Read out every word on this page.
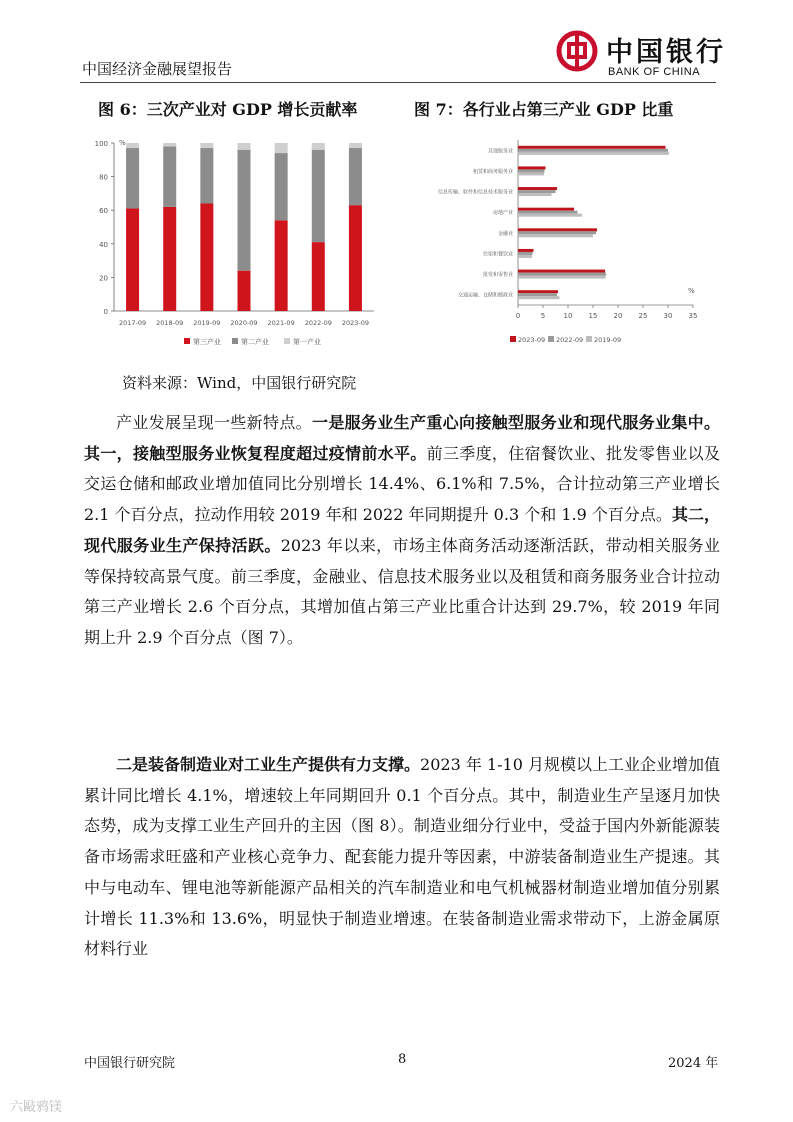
中国经济金融展望报告
中国银行
BANK OF CHINA
图 6：三次产业对 GDP 增长贡献率	图 7：各行业占第三产业 GDP 比重
0
20
40
60
80
100 %
2017-09 2018-09 2019-09 2020-09 2021-09 2022-09 2023-09
第三产业	第二产业	第一产业
其他服务业
租赁和商务服务业
信息传输、软件和信息技术服务业
房地产业
金融业
住宿和餐饮业
批发和零售业
交通运输、仓储和邮政业
0	5	10 15 20 25 30 35
%
2023-09 2022-09 2019-09
资料来源：Wind，中国银行研究院
产业发展呈现一些新特点。一是服务业生产重心向接触型服务业和现代服务业集中。其一，接触型服务业恢复程度超过疫情前水平。前三季度，住宿餐饮业、批发零售业以及交运仓储和邮政业增加值同比分别增长 14.4%、6.1%和 7.5%，合计拉动第三产业增长 2.1 个百分点，拉动作用较 2019 年和 2022 年同期提升 0.3 个和 1.9 个百分点。其二，现代服务业生产保持活跃。2023 年以来，市场主体商务活动逐渐活跃，带动相关服务业等保持较高景气度。前三季度，金融业、信息技术服务业以及租赁和商务服务业合计拉动第三产业增长 2.6 个百分点，其增加值占第三产业比重合计达到 29.7%，较 2019 年同期上升 2.9 个百分点（图 7）。
二是装备制造业对工业生产提供有力支撑。2023 年 1-10 月规模以上工业企业增加值累计同比增长 4.1%，增速较上年同期回升 0.1 个百分点。其中，制造业生产呈逐月加快态势，成为支撑工业生产回升的主因（图 8）。制造业细分行业中，受益于国内外新能源装备市场需求旺盛和产业核心竞争力、配套能力提升等因素，中游装备制造业生产提速。其中与电动车、锂电池等新能源产品相关的汽车制造业和电气机械器材制造业增加值分别累计增长 11.3%和 13.6%，明显快于制造业增速。在装备制造业需求带动下，上游金属原材料行业
中国银行研究院	8	2024 年
六敺鸦镁
